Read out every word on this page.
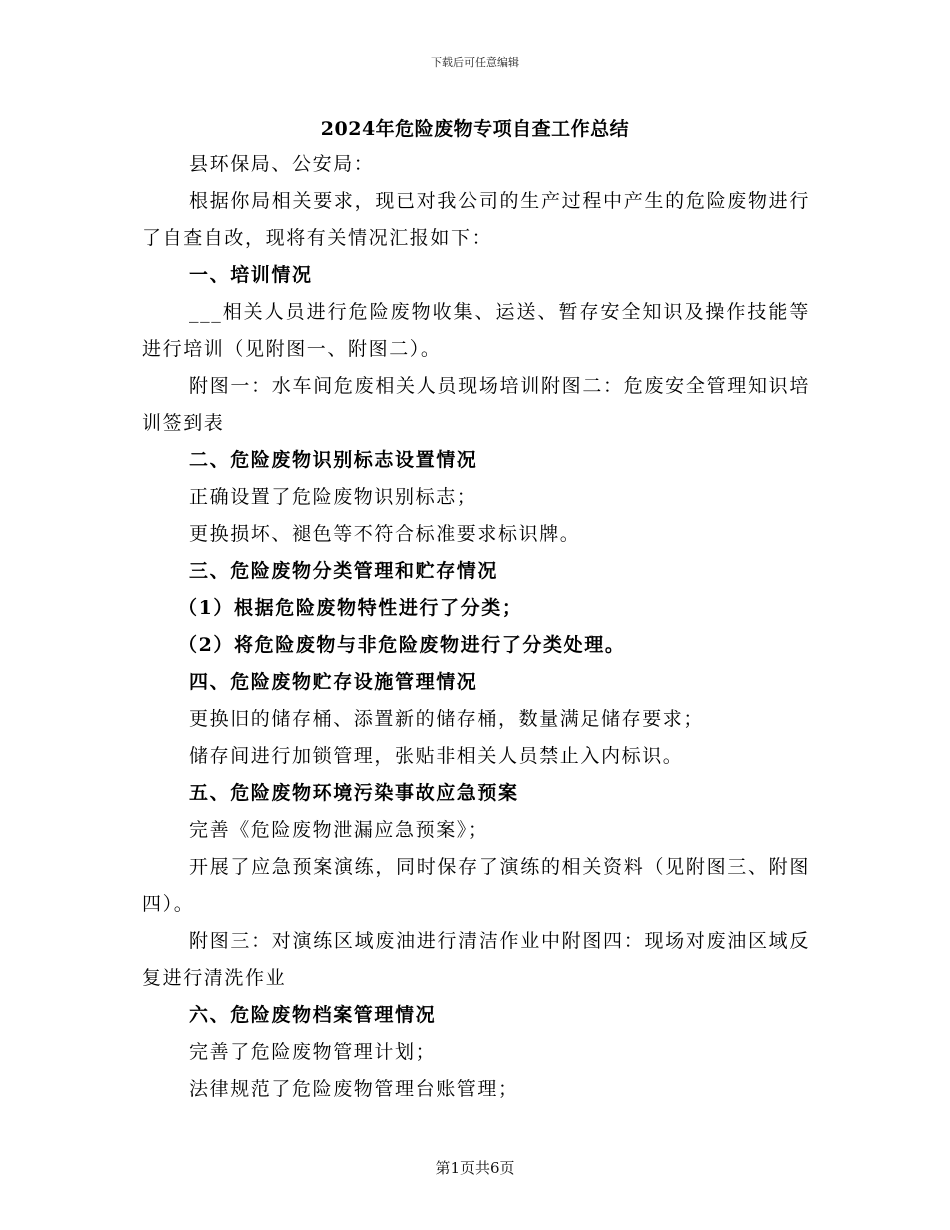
下载后可任意编辑
2024年危险废物专项自查工作总结

县环保局、公安局：

根据你局相关要求，现已对我公司的生产过程中产生的危险废物进行了自查自改，现将有关情况汇报如下：

一、培训情况

___相关人员进行危险废物收集、运送、暂存安全知识及操作技能等进行培训（见附图一、附图二）。

附图一：水车间危废相关人员现场培训附图二：危废安全管理知识培训签到表

二、危险废物识别标志设置情况

正确设置了危险废物识别标志；

更换损坏、褪色等不符合标准要求标识牌。

三、危险废物分类管理和贮存情况

（1）根据危险废物特性进行了分类；

（2）将危险废物与非危险废物进行了分类处理。

四、危险废物贮存设施管理情况

更换旧的储存桶、添置新的储存桶，数量满足储存要求；

储存间进行加锁管理，张贴非相关人员禁止入内标识。

五、危险废物环境污染事故应急预案

完善《危险废物泄漏应急预案》；

开展了应急预案演练，同时保存了演练的相关资料（见附图三、附图四）。

附图三：对演练区域废油进行清洁作业中附图四：现场对废油区域反复进行清洗作业

六、危险废物档案管理情况

完善了危险废物管理计划；

法律规范了危险废物管理台账管理；

第1页共6页
